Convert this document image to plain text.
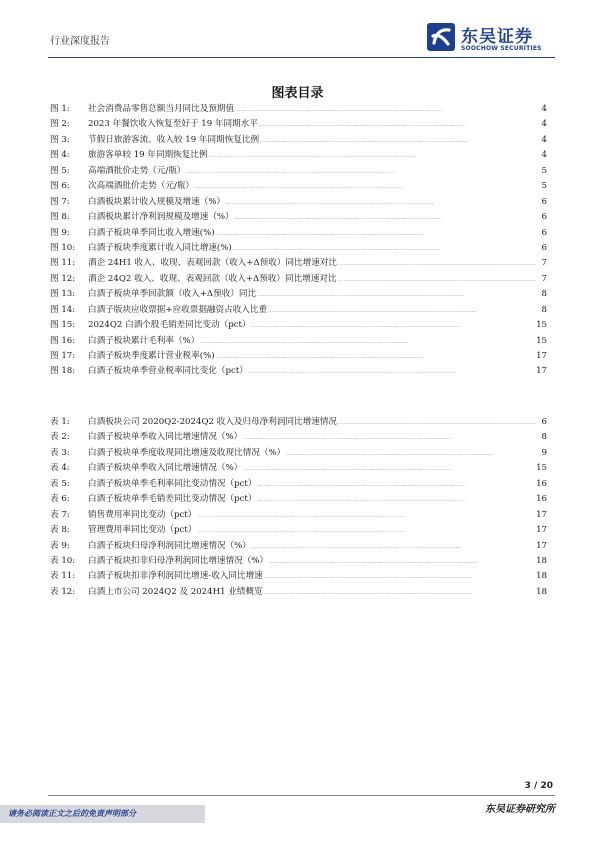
行业深度报告	东吴证券
SOOCHOW SECURITIES
图表目录
图 1:	社会消费品零售总额当月同比及预期值 . . .	4
图 2:	2023 年餐饮收入恢复至好于 19 年同期水平 . . .	4
图 3:	节假日旅游客流、收入较 19 年同期恢复比例 . . .	4
图 4:	旅游客单较 19 年同期恢复比例 . . .	4
图 5:	高端酒批价走势（元/瓶） . . .	5
图 6:	次高端酒批价走势（元/瓶） . . .	5
图 7:	白酒板块累计收入规模及增速（%） . . .	6
图 8:	白酒板块累计净利润规模及增速（%） . . .	6
图 9:	白酒子板块单季同比收入增速(%) . . .	6
图 10:	白酒子板块季度累计收入同比增速(%) . . .	6
图 11:	酒企 24H1 收入、收现、表观回款（收入+Δ预收）同比增速对比 . . .	7
图 12:	酒企 24Q2 收入、收现、表观回款（收入+Δ预收）同比增速对比 . . .	7
图 13:	白酒子板块单季回款额（收入+Δ预收）同比 . . .	8
图 14:	白酒子版块应收票据+应收票据融资占收入比重 . . .	8
图 15:	2024Q2 白酒个股毛销差同比变动（pct） . . .	15
图 16:	白酒子板块累计毛利率（%） . . .	15
图 17:	白酒子板块季度累计营业税率(%) . . .	17
图 18:	白酒子板块单季营业税率同比变化（pct） . . .	17
表 1:	白酒板块公司 2020Q2-2024Q2 收入及归母净利润同比增速情况 . . .	6
表 2:	白酒子板块单季收入同比增速情况（%） . . .	8
表 3:	白酒子板块单季度收现同比增速及收现比情况（%） . . .	9
表 4:	白酒子板块单季收入同比增速情况（%） . . .	15
表 5:	白酒子板块单季毛利率同比变动情况（pct） . . .	16
表 6:	白酒子板块单季毛销差同比变动情况（pct） . . .	16
表 7:	销售费用率同比变动（pct） . . .	17
表 8:	管理费用率同比变动（pct） . . .	17
表 9:	白酒子板块归母净利润同比增速情况（%） . . .	17
表 10:	白酒子板块扣非归母净利润同比增速情况（%） . . .	18
表 11:	白酒子板块扣非净利润同比增速-收入同比增速 . . .	18
表 12:	白酒上市公司 2024Q2 及 2024H1 业绩概览 . . .	18
3 / 20
请务必阅读正文之后的免责声明部分	东吴证券研究所
